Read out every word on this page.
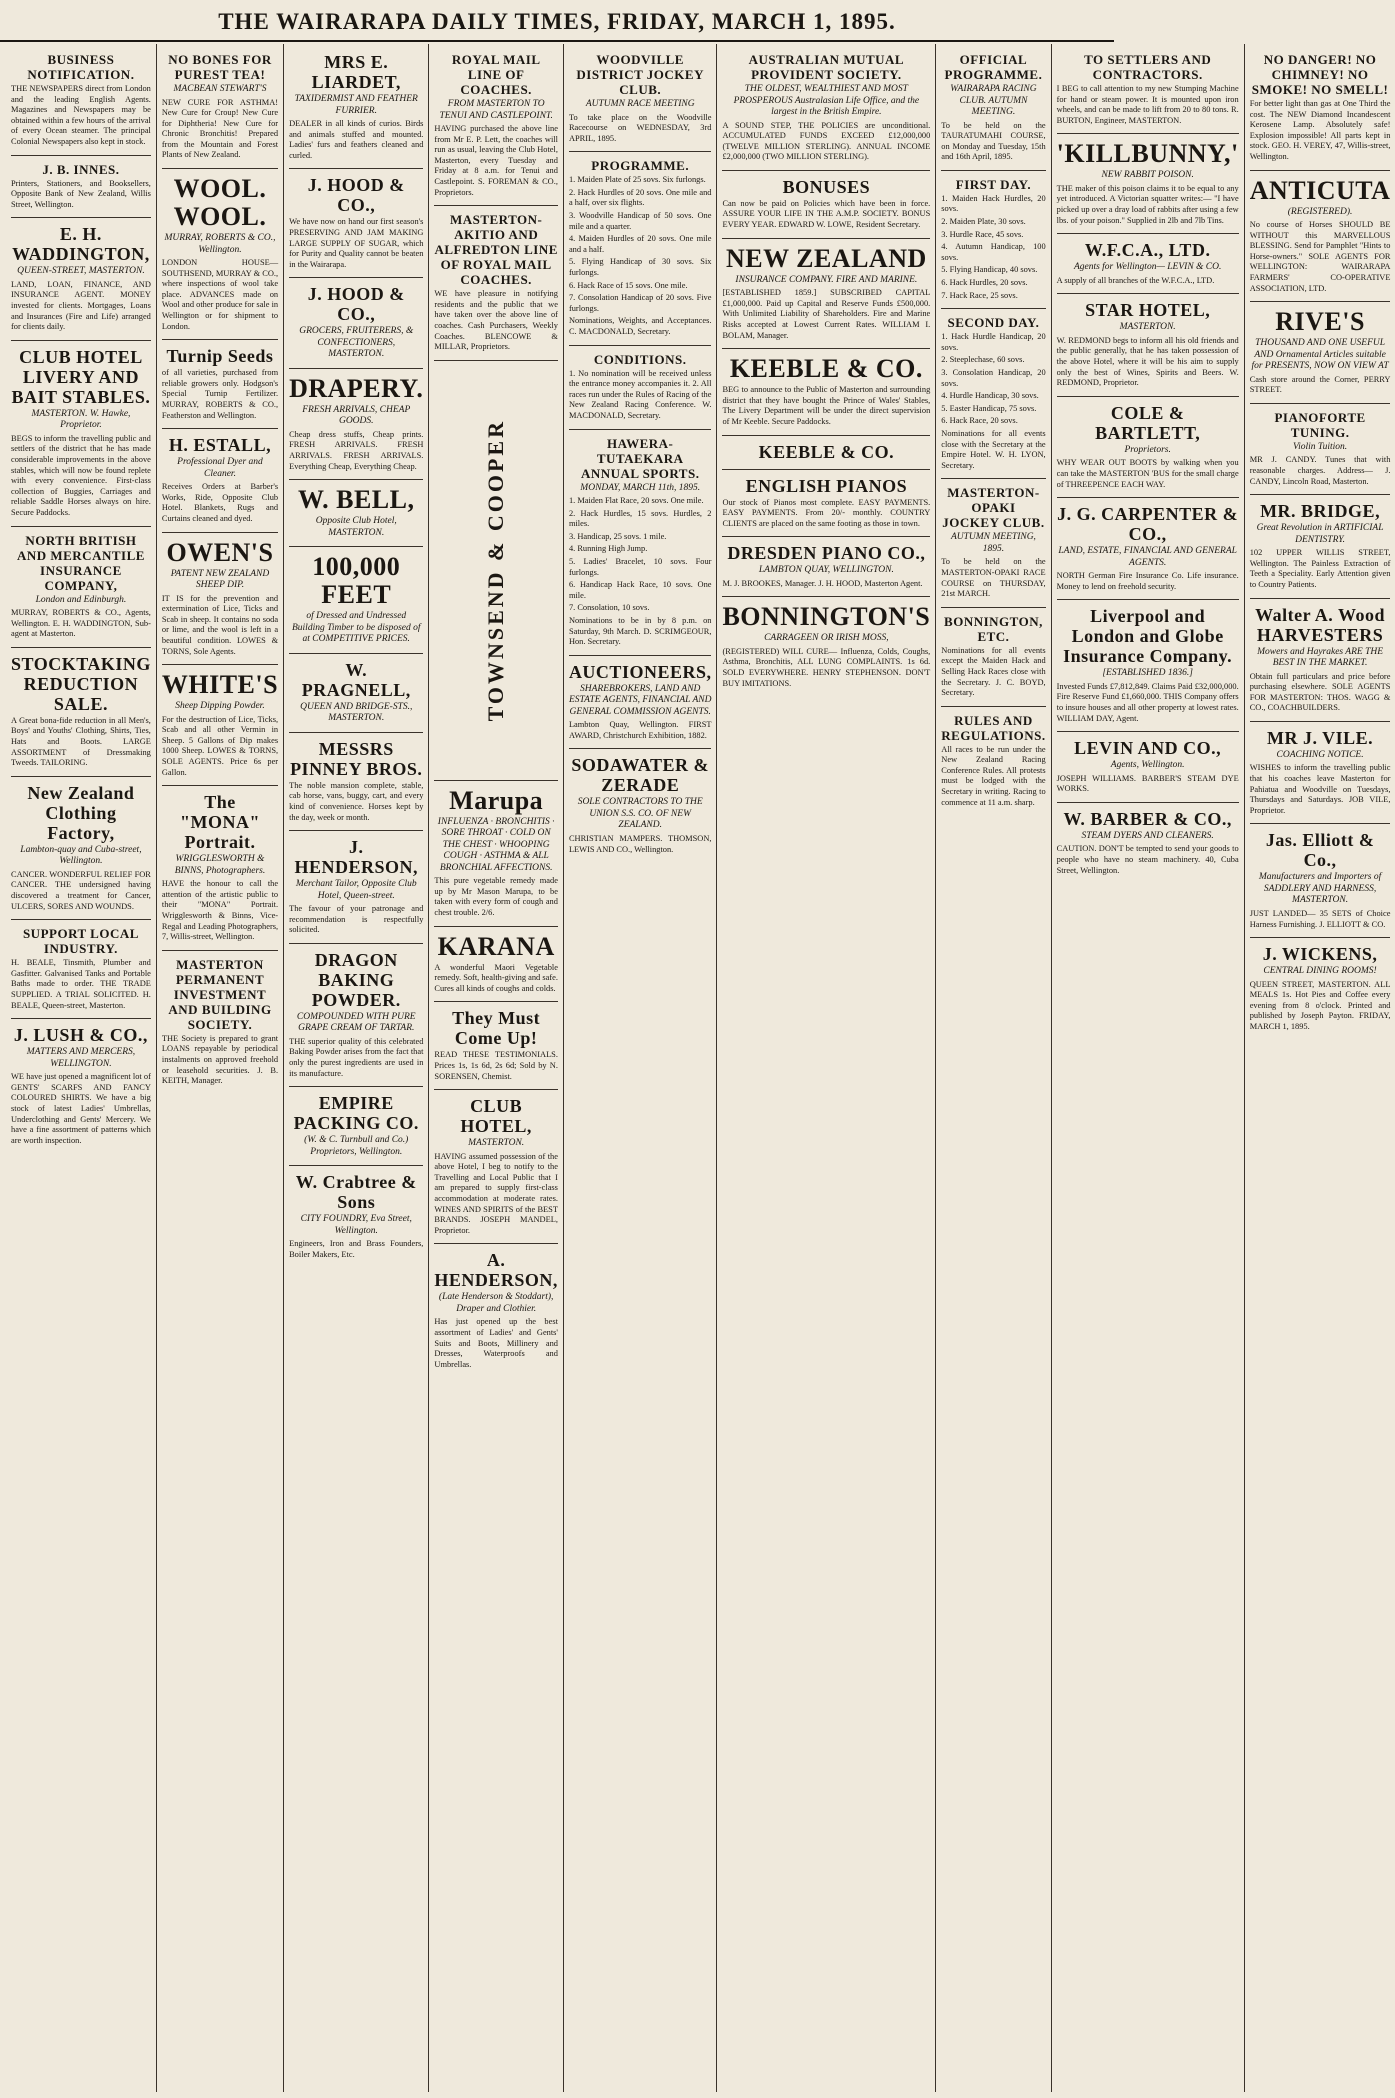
THE WAIRARAPA DAILY TIMES, FRIDAY, MARCH 1, 1895.
BUSINESS NOTIFICATION.
THE NEWSPAPERS direct from London and the leading English Agents. Magazines and Newspapers may be obtained within a few hours of the arrival of every Ocean steamer. The principal Colonial Newspapers also kept in stock.
J. B. INNES.
Printers, Stationers, and Booksellers, Opposite Bank of New Zealand, Willis Street, Wellington.
E. H. WADDINGTON,
QUEEN-STREET, MASTERTON.
LAND, LOAN, FINANCE, AND INSURANCE AGENT. MONEY invested for clients. Mortgages, Loans and Insurances (Fire and Life) arranged for clients daily.
CLUB HOTEL LIVERY AND BAIT STABLES.
MASTERTON. W. Hawke, Proprietor.
BEGS to inform the travelling public and settlers of the district that he has made considerable improvements in the above stables, which will now be found replete with every convenience. First-class collection of Buggies, Carriages and reliable Saddle Horses always on hire. Secure Paddocks.
NORTH BRITISH AND MERCANTILE INSURANCE COMPANY,
London and Edinburgh.
MURRAY, ROBERTS & CO., Agents, Wellington. E. H. WADDINGTON, Sub-agent at Masterton.
STOCKTAKING REDUCTION SALE.
A Great bona-fide reduction in all Men's, Boys' and Youths' Clothing, Shirts, Ties, Hats and Boots. LARGE ASSORTMENT of Dressmaking Tweeds. TAILORING.
New Zealand Clothing Factory,
Lambton-quay and Cuba-street, Wellington.
CANCER. WONDERFUL RELIEF FOR CANCER. THE undersigned having discovered a treatment for Cancer, ULCERS, SORES AND WOUNDS.
SUPPORT LOCAL INDUSTRY.
H. BEALE, Tinsmith, Plumber and Gasfitter. Galvanised Tanks and Portable Baths made to order. THE TRADE SUPPLIED. A TRIAL SOLICITED. H. BEALE, Queen-street, Masterton.
J. LUSH & CO.,
MATTERS AND MERCERS, WELLINGTON.
WE have just opened a magnificent lot of GENTS' SCARFS AND FANCY COLOURED SHIRTS. We have a big stock of latest Ladies' Umbrellas, Underclothing and Gents' Mercery. We have a fine assortment of patterns which are worth inspection.
NO BONES FOR PUREST TEA!
MACBEAN STEWART'S
NEW CURE FOR ASTHMA! New Cure for Croup! New Cure for Diphtheria! New Cure for Chronic Bronchitis! Prepared from the Mountain and Forest Plants of New Zealand.
WOOL. WOOL.
MURRAY, ROBERTS & CO., Wellington.
LONDON HOUSE—SOUTHSEND, MURRAY & CO., where inspections of wool take place. ADVANCES made on Wool and other produce for sale in Wellington or for shipment to London.
Turnip Seeds
of all varieties, purchased from reliable growers only. Hodgson's Special Turnip Fertilizer. MURRAY, ROBERTS & CO., Featherston and Wellington.
H. ESTALL,
Professional Dyer and Cleaner.
Receives Orders at Barber's Works, Ride, Opposite Club Hotel. Blankets, Rugs and Curtains cleaned and dyed.
OWEN'S
PATENT NEW ZEALAND SHEEP DIP.
IT IS for the prevention and extermination of Lice, Ticks and Scab in sheep. It contains no soda or lime, and the wool is left in a beautiful condition. LOWES & TORNS, Sole Agents.
WHITE'S
Sheep Dipping Powder.
For the destruction of Lice, Ticks, Scab and all other Vermin in Sheep. 5 Gallons of Dip makes 1000 Sheep. LOWES & TORNS, SOLE AGENTS. Price 6s per Gallon.
The "MONA" Portrait.
WRIGGLESWORTH & BINNS, Photographers.
HAVE the honour to call the attention of the artistic public to their "MONA" Portrait. Wrigglesworth & Binns, Vice-Regal and Leading Photographers, 7, Willis-street, Wellington.
MASTERTON PERMANENT INVESTMENT AND BUILDING SOCIETY.
THE Society is prepared to grant LOANS repayable by periodical instalments on approved freehold or leasehold securities. J. B. KEITH, Manager.
MRS E. LIARDET,
TAXIDERMIST AND FEATHER FURRIER.
DEALER in all kinds of curios. Birds and animals stuffed and mounted. Ladies' furs and feathers cleaned and curled.
J. HOOD & CO.,
We have now on hand our first season's PRESERVING AND JAM MAKING LARGE SUPPLY OF SUGAR, which for Purity and Quality cannot be beaten in the Wairarapa.
J. HOOD & CO.,
GROCERS, FRUITERERS, & CONFECTIONERS, MASTERTON.
DRAPERY.
FRESH ARRIVALS, CHEAP GOODS.
Cheap dress stuffs, Cheap prints. FRESH ARRIVALS. FRESH ARRIVALS. FRESH ARRIVALS. Everything Cheap, Everything Cheap.
W. BELL,
Opposite Club Hotel, MASTERTON.
100,000 FEET
of Dressed and Undressed Building Timber to be disposed of at COMPETITIVE PRICES.
W. PRAGNELL,
QUEEN AND BRIDGE-STS., MASTERTON.
MESSRS PINNEY BROS.
The noble mansion complete, stable, cab horse, vans, buggy, cart, and every kind of convenience. Horses kept by the day, week or month.
J. HENDERSON,
Merchant Tailor, Opposite Club Hotel, Queen-street.
The favour of your patronage and recommendation is respectfully solicited.
DRAGON BAKING POWDER.
COMPOUNDED WITH PURE GRAPE CREAM OF TARTAR.
THE superior quality of this celebrated Baking Powder arises from the fact that only the purest ingredients are used in its manufacture.
EMPIRE PACKING CO.
(W. & C. Turnbull and Co.) Proprietors, Wellington.
W. Crabtree & Sons
CITY FOUNDRY, Eva Street, Wellington.
Engineers, Iron and Brass Founders, Boiler Makers, Etc.
ROYAL MAIL LINE OF COACHES.
FROM MASTERTON TO TENUI AND CASTLEPOINT.
HAVING purchased the above line from Mr E. P. Lett, the coaches will run as usual, leaving the Club Hotel, Masterton, every Tuesday and Friday at 8 a.m. for Tenui and Castlepoint. S. FOREMAN & CO., Proprietors.
MASTERTON-AKITIO AND ALFREDTON LINE OF ROYAL MAIL COACHES.
WE have pleasure in notifying residents and the public that we have taken over the above line of coaches. Cash Purchasers, Weekly Coaches. BLENCOWE & MILLAR, Proprietors.
TOWNSEND & COOPER
Marupa
INFLUENZA · BRONCHITIS · SORE THROAT · COLD ON THE CHEST · WHOOPING COUGH · ASTHMA & ALL BRONCHIAL AFFECTIONS.
This pure vegetable remedy made up by Mr Mason Marupa, to be taken with every form of cough and chest trouble. 2/6.
KARANA
A wonderful Maori Vegetable remedy. Soft, health-giving and safe. Cures all kinds of coughs and colds.
They Must Come Up!
READ THESE TESTIMONIALS. Prices 1s, 1s 6d, 2s 6d; Sold by N. SORENSEN, Chemist.
CLUB HOTEL,
MASTERTON.
HAVING assumed possession of the above Hotel, I beg to notify to the Travelling and Local Public that I am prepared to supply first-class accommodation at moderate rates. WINES AND SPIRITS of the BEST BRANDS. JOSEPH MANDEL, Proprietor.
A. HENDERSON,
(Late Henderson & Stoddart), Draper and Clothier.
Has just opened up the best assortment of Ladies' and Gents' Suits and Boots, Millinery and Dresses, Waterproofs and Umbrellas.
WOODVILLE DISTRICT JOCKEY CLUB.
AUTUMN RACE MEETING
To take place on the Woodville Racecourse on WEDNESDAY, 3rd APRIL, 1895.
PROGRAMME.
1. Maiden Plate of 25 sovs. Six furlongs.
2. Hack Hurdles of 20 sovs. One mile and a half, over six flights.
3. Woodville Handicap of 50 sovs. One mile and a quarter.
4. Maiden Hurdles of 20 sovs. One mile and a half.
5. Flying Handicap of 30 sovs. Six furlongs.
6. Hack Race of 15 sovs. One mile.
7. Consolation Handicap of 20 sovs. Five furlongs.
Nominations, Weights, and Acceptances. C. MACDONALD, Secretary.
CONDITIONS.
1. No nomination will be received unless the entrance money accompanies it. 2. All races run under the Rules of Racing of the New Zealand Racing Conference. W. MACDONALD, Secretary.
HAWERA-TUTAEKARA ANNUAL SPORTS.
MONDAY, MARCH 11th, 1895.
1. Maiden Flat Race, 20 sovs. One mile.
2. Hack Hurdles, 15 sovs. Hurdles, 2 miles.
3. Handicap, 25 sovs. 1 mile.
4. Running High Jump.
5. Ladies' Bracelet, 10 sovs. Four furlongs.
6. Handicap Hack Race, 10 sovs. One mile.
7. Consolation, 10 sovs.
Nominations to be in by 8 p.m. on Saturday, 9th March. D. SCRIMGEOUR, Hon. Secretary.
AUCTIONEERS,
SHAREBROKERS, LAND AND ESTATE AGENTS, FINANCIAL AND GENERAL COMMISSION AGENTS.
Lambton Quay, Wellington. FIRST AWARD, Christchurch Exhibition, 1882.
SODAWATER & ZERADE
SOLE CONTRACTORS TO THE UNION S.S. CO. OF NEW ZEALAND.
CHRISTIAN MAMPERS. THOMSON, LEWIS AND CO., Wellington.
AUSTRALIAN MUTUAL PROVIDENT SOCIETY.
THE OLDEST, WEALTHIEST AND MOST PROSPEROUS Australasian Life Office, and the largest in the British Empire.
A SOUND STEP, THE POLICIES are unconditional. ACCUMULATED FUNDS EXCEED £12,000,000 (TWELVE MILLION STERLING). ANNUAL INCOME £2,000,000 (TWO MILLION STERLING).
BONUSES
Can now be paid on Policies which have been in force. ASSURE YOUR LIFE IN THE A.M.P. SOCIETY. BONUS EVERY YEAR. EDWARD W. LOWE, Resident Secretary.
NEW ZEALAND
INSURANCE COMPANY. FIRE AND MARINE.
[ESTABLISHED 1859.] SUBSCRIBED CAPITAL £1,000,000. Paid up Capital and Reserve Funds £500,000. With Unlimited Liability of Shareholders. Fire and Marine Risks accepted at Lowest Current Rates. WILLIAM I. BOLAM, Manager.
KEEBLE & CO.
BEG to announce to the Public of Masterton and surrounding district that they have bought the Prince of Wales' Stables, The Livery Department will be under the direct supervision of Mr Keeble. Secure Paddocks.
KEEBLE & CO.
ENGLISH PIANOS
Our stock of Pianos most complete. EASY PAYMENTS. EASY PAYMENTS. From 20/- monthly. COUNTRY CLIENTS are placed on the same footing as those in town.
DRESDEN PIANO CO.,
LAMBTON QUAY, WELLINGTON.
M. J. BROOKES, Manager. J. H. HOOD, Masterton Agent.
BONNINGTON'S
CARRAGEEN OR IRISH MOSS,
(REGISTERED) WILL CURE— Influenza, Colds, Coughs, Asthma, Bronchitis, ALL LUNG COMPLAINTS. 1s 6d. SOLD EVERYWHERE. HENRY STEPHENSON. DON'T BUY IMITATIONS.
OFFICIAL PROGRAMME.
WAIRARAPA RACING CLUB. AUTUMN MEETING.
To be held on the TAURATUMAHI COURSE, on Monday and Tuesday, 15th and 16th April, 1895.
FIRST DAY.
1. Maiden Hack Hurdles, 20 sovs.
2. Maiden Plate, 30 sovs.
3. Hurdle Race, 45 sovs.
4. Autumn Handicap, 100 sovs.
5. Flying Handicap, 40 sovs.
6. Hack Hurdles, 20 sovs.
7. Hack Race, 25 sovs.
SECOND DAY.
1. Hack Hurdle Handicap, 20 sovs.
2. Steeplechase, 60 sovs.
3. Consolation Handicap, 20 sovs.
4. Hurdle Handicap, 30 sovs.
5. Easter Handicap, 75 sovs.
6. Hack Race, 20 sovs.
Nominations for all events close with the Secretary at the Empire Hotel. W. H. LYON, Secretary.
MASTERTON-OPAKI JOCKEY CLUB.
AUTUMN MEETING, 1895.
To be held on the MASTERTON-OPAKI RACE COURSE on THURSDAY, 21st MARCH.
BONNINGTON, ETC.
Nominations for all events except the Maiden Hack and Selling Hack Races close with the Secretary. J. C. BOYD, Secretary.
RULES AND REGULATIONS.
All races to be run under the New Zealand Racing Conference Rules. All protests must be lodged with the Secretary in writing. Racing to commence at 11 a.m. sharp.
TO SETTLERS AND CONTRACTORS.
I BEG to call attention to my new Stumping Machine for hand or steam power. It is mounted upon iron wheels, and can be made to lift from 20 to 80 tons. R. BURTON, Engineer, MASTERTON.
'KILLBUNNY,'
NEW RABBIT POISON.
THE maker of this poison claims it to be equal to any yet introduced. A Victorian squatter writes:— "I have picked up over a dray load of rabbits after using a few lbs. of your poison." Supplied in 2lb and 7lb Tins.
W.F.C.A., LTD.
Agents for Wellington— LEVIN & CO.
A supply of all branches of the W.F.C.A., LTD.
STAR HOTEL,
MASTERTON.
W. REDMOND begs to inform all his old friends and the public generally, that he has taken possession of the above Hotel, where it will be his aim to supply only the best of Wines, Spirits and Beers. W. REDMOND, Proprietor.
COLE & BARTLETT,
Proprietors.
WHY WEAR OUT BOOTS by walking when you can take the MASTERTON 'BUS for the small charge of THREEPENCE EACH WAY.
J. G. CARPENTER & CO.,
LAND, ESTATE, FINANCIAL AND GENERAL AGENTS.
NORTH German Fire Insurance Co. Life insurance. Money to lend on freehold security.
Liverpool and London and Globe Insurance Company.
[ESTABLISHED 1836.]
Invested Funds £7,812,849. Claims Paid £32,000,000. Fire Reserve Fund £1,660,000. THIS Company offers to insure houses and all other property at lowest rates. WILLIAM DAY, Agent.
LEVIN AND CO.,
Agents, Wellington.
JOSEPH WILLIAMS. BARBER'S STEAM DYE WORKS.
W. BARBER & CO.,
STEAM DYERS AND CLEANERS.
CAUTION. DON'T be tempted to send your goods to people who have no steam machinery. 40, Cuba Street, Wellington.
NO DANGER! NO CHIMNEY! NO SMOKE! NO SMELL!
For better light than gas at One Third the cost. The NEW Diamond Incandescent Kerosene Lamp. Absolutely safe! Explosion impossible! All parts kept in stock. GEO. H. VEREY, 47, Willis-street, Wellington.
ANTICUTA
(REGISTERED).
No course of Horses SHOULD BE WITHOUT this MARVELLOUS BLESSING. Send for Pamphlet "Hints to Horse-owners." SOLE AGENTS FOR WELLINGTON: WAIRARAPA FARMERS' CO-OPERATIVE ASSOCIATION, LTD.
RIVE'S
THOUSAND AND ONE USEFUL AND Ornamental Articles suitable for PRESENTS, NOW ON VIEW AT
Cash store around the Corner, PERRY STREET.
PIANOFORTE TUNING.
Violin Tuition.
MR J. CANDY. Tunes that with reasonable charges. Address— J. CANDY, Lincoln Road, Masterton.
MR. BRIDGE,
Great Revolution in ARTIFICIAL DENTISTRY.
102 UPPER WILLIS STREET, Wellington. The Painless Extraction of Teeth a Speciality. Early Attention given to Country Patients.
Walter A. Wood HARVESTERS
Mowers and Hayrakes ARE THE BEST IN THE MARKET.
Obtain full particulars and price before purchasing elsewhere. SOLE AGENTS FOR MASTERTON: THOS. WAGG & CO., COACHBUILDERS.
MR J. VILE.
COACHING NOTICE.
WISHES to inform the travelling public that his coaches leave Masterton for Pahiatua and Woodville on Tuesdays, Thursdays and Saturdays. JOB VILE, Proprietor.
Jas. Elliott & Co.,
Manufacturers and Importers of SADDLERY AND HARNESS, MASTERTON.
JUST LANDED— 35 SETS of Choice Harness Furnishing. J. ELLIOTT & CO.
J. WICKENS,
CENTRAL DINING ROOMS!
QUEEN STREET, MASTERTON. ALL MEALS 1s. Hot Pies and Coffee every evening from 8 o'clock. Printed and published by Joseph Payton. FRIDAY, MARCH 1, 1895.
